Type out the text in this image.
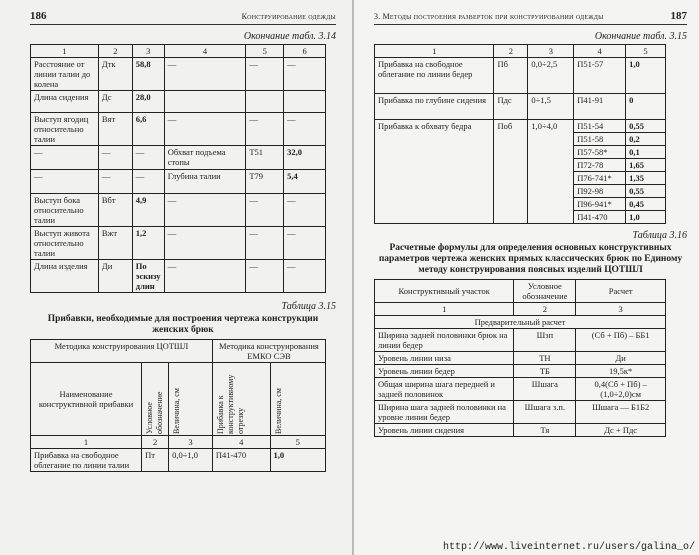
186	Конструирование одежды
Окончание табл. 3.14
1	2	3	4	5	6
Расстояние от линии талии до колена	Дтк	58,8	—	—	—
Длина сидения	Дс	28,0			
Выступ ягодиц относительно талии	Вят	6,6	—	—	—
—	—	—	Обхват подъема стопы	Т51	32,0
—	—	—	Глубина талии	Т79	5,4
Выступ бока относительно талии	Вбт	4,9	—	—	—
Выступ живота относительно талии	Вжт	1,2	—	—	—
Длина изделия	Ди	По эскизу длин	—	—	—
Таблица 3.15
Прибавки, необходимые для построения чертежа конструкции женских брюк
Методика конструирования ЦОТШЛ			Методика конструирования ЕМКО СЭВ	
Наименование конструктивной прибавки	Условное обозначение	Величина, см	Прибавка к конструктивному отрезку	Величина, см

1	2	3	4	5
Прибавка на свободное облегание по линии талии	Пт	0,0÷1,0	П41-470	1,0
3. Методы построения разверток при конструировании одежды	187
Окончание табл. 3.15
1	2	3	4	5
Прибавка на свободное облегание по линии бедер	Пб	0,0÷2,5	П51-57	1,0
Прибавка по глубине сидения	Пдс	0÷1,5	П41-91	0
Прибавка к обхвату бедра	Поб	1,0÷4,0	П51-54	0,55
			П51-58	0,2
			П57-58*	0,1
			П72-78	1,65
			П76-741*	1,35
			П92-98	0,55
			П96-941*	0,45
			П41-470	1,0
Таблица 3.16
Расчетные формулы для определения основных конструктивных параметров чертежа женских прямых классических брюк по Единому методу конструирования поясных изделий ЦОТШЛ
Конструктивный участок	Условное обозначение	Расчет
1	2	3
Предварительный расчет		
Ширина задней половинки брюк на линии бедер	Шзп	(Сб + Пб) – ББ1
Уровень линии низа	ТН	Ди
Уровень линии бедер	ТБ	19,5к*
Общая ширина шага передней и задней половинок	Шшага	0,4(Сб + Пб) – (1,0÷2,0)см
Ширина шага задней половинки на уровне линии бедер	Шшага з.п.	Шшага — Б1Б2
Уровень линии сидения	Тя	Дс + Пдс
http://www.liveinternet.ru/users/galina_o/
